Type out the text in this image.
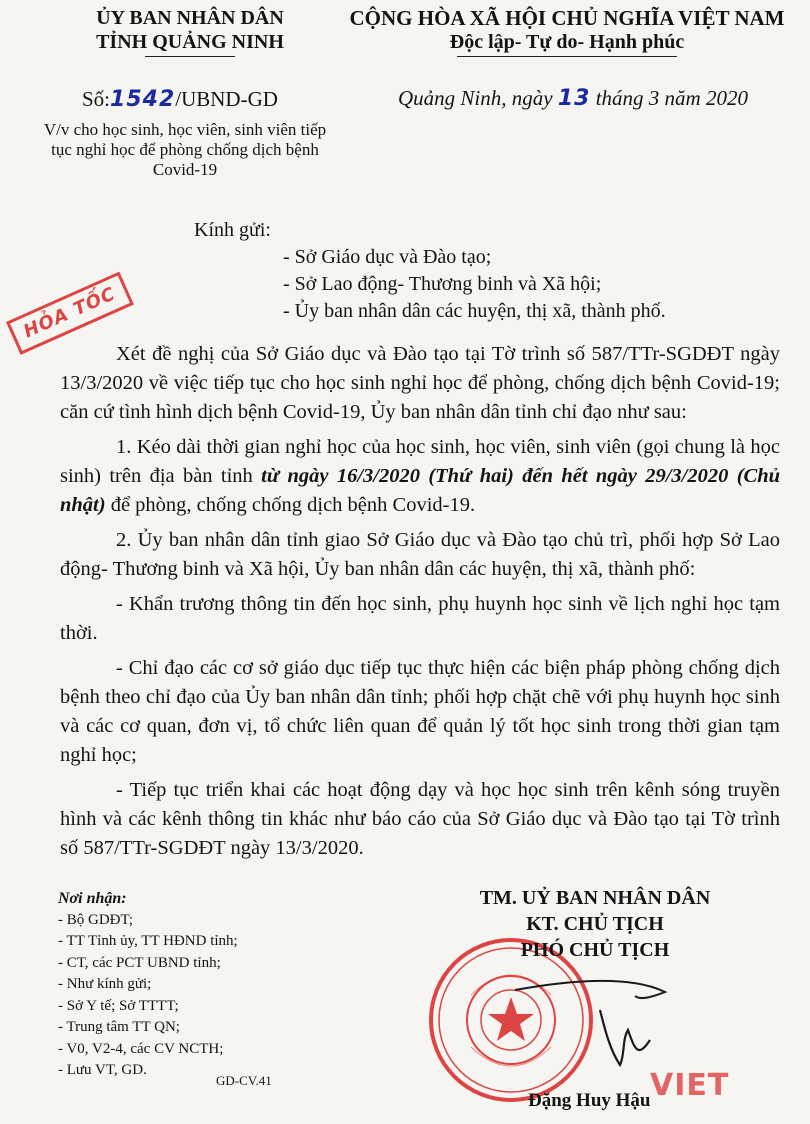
ỦY BAN NHÂN DÂN
TỈNH QUẢNG NINH
CỘNG HÒA XÃ HỘI CHỦ NGHĨA VIỆT NAM
Độc lập- Tự do- Hạnh phúc
Số:1542/UBND-GD
V/v cho học sinh, học viên, sinh viên tiếp tục nghỉ học để phòng chống dịch bệnh Covid-19
Quảng Ninh, ngày 13 tháng 3 năm 2020
Kính gửi:
- Sở Giáo dục và Đào tạo;
- Sở Lao động- Thương binh và Xã hội;
- Ủy ban nhân dân các huyện, thị xã, thành phố.
HỎA TỐC

Xét đề nghị của Sở Giáo dục và Đào tạo tại Tờ trình số 587/TTr-SGDĐT ngày 13/3/2020 về việc tiếp tục cho học sinh nghỉ học để phòng, chống dịch bệnh Covid-19; căn cứ tình hình dịch bệnh Covid-19, Ủy ban nhân dân tỉnh chỉ đạo như sau:

1. Kéo dài thời gian nghỉ học của học sinh, học viên, sinh viên (gọi chung là học sinh) trên địa bàn tỉnh từ ngày 16/3/2020 (Thứ hai) đến hết ngày 29/3/2020 (Chủ nhật) để phòng, chống chống dịch bệnh Covid-19.

2. Ủy ban nhân dân tỉnh giao Sở Giáo dục và Đào tạo chủ trì, phối hợp Sở Lao động- Thương binh và Xã hội, Ủy ban nhân dân các huyện, thị xã, thành phố:

- Khẩn trương thông tin đến học sinh, phụ huynh học sinh về lịch nghỉ học tạm thời.

- Chỉ đạo các cơ sở giáo dục tiếp tục thực hiện các biện pháp phòng chống dịch bệnh theo chỉ đạo của Ủy ban nhân dân tỉnh; phối hợp chặt chẽ với phụ huynh học sinh và các cơ quan, đơn vị, tổ chức liên quan để quản lý tốt học sinh trong thời gian tạm nghỉ học;

- Tiếp tục triển khai các hoạt động dạy và học học sinh trên kênh sóng truyền hình và các kênh thông tin khác như báo cáo của Sở Giáo dục và Đào tạo tại Tờ trình số 587/TTr-SGDĐT ngày 13/3/2020.

Nơi nhận:
- Bộ GDĐT;
- TT Tỉnh ủy, TT HĐND tỉnh;
- CT, các PCT UBND tỉnh;
- Như kính gửi;
- Sở Y tế; Sở TTTT;
- Trung tâm TT QN;
- V0, V2-4, các CV NCTH;
- Lưu VT, GD.
GD-CV.41
TM. UỶ BAN NHÂN DÂN
KT. CHỦ TỊCH
PHÓ CHỦ TỊCH
Đặng Huy Hậu VIET
